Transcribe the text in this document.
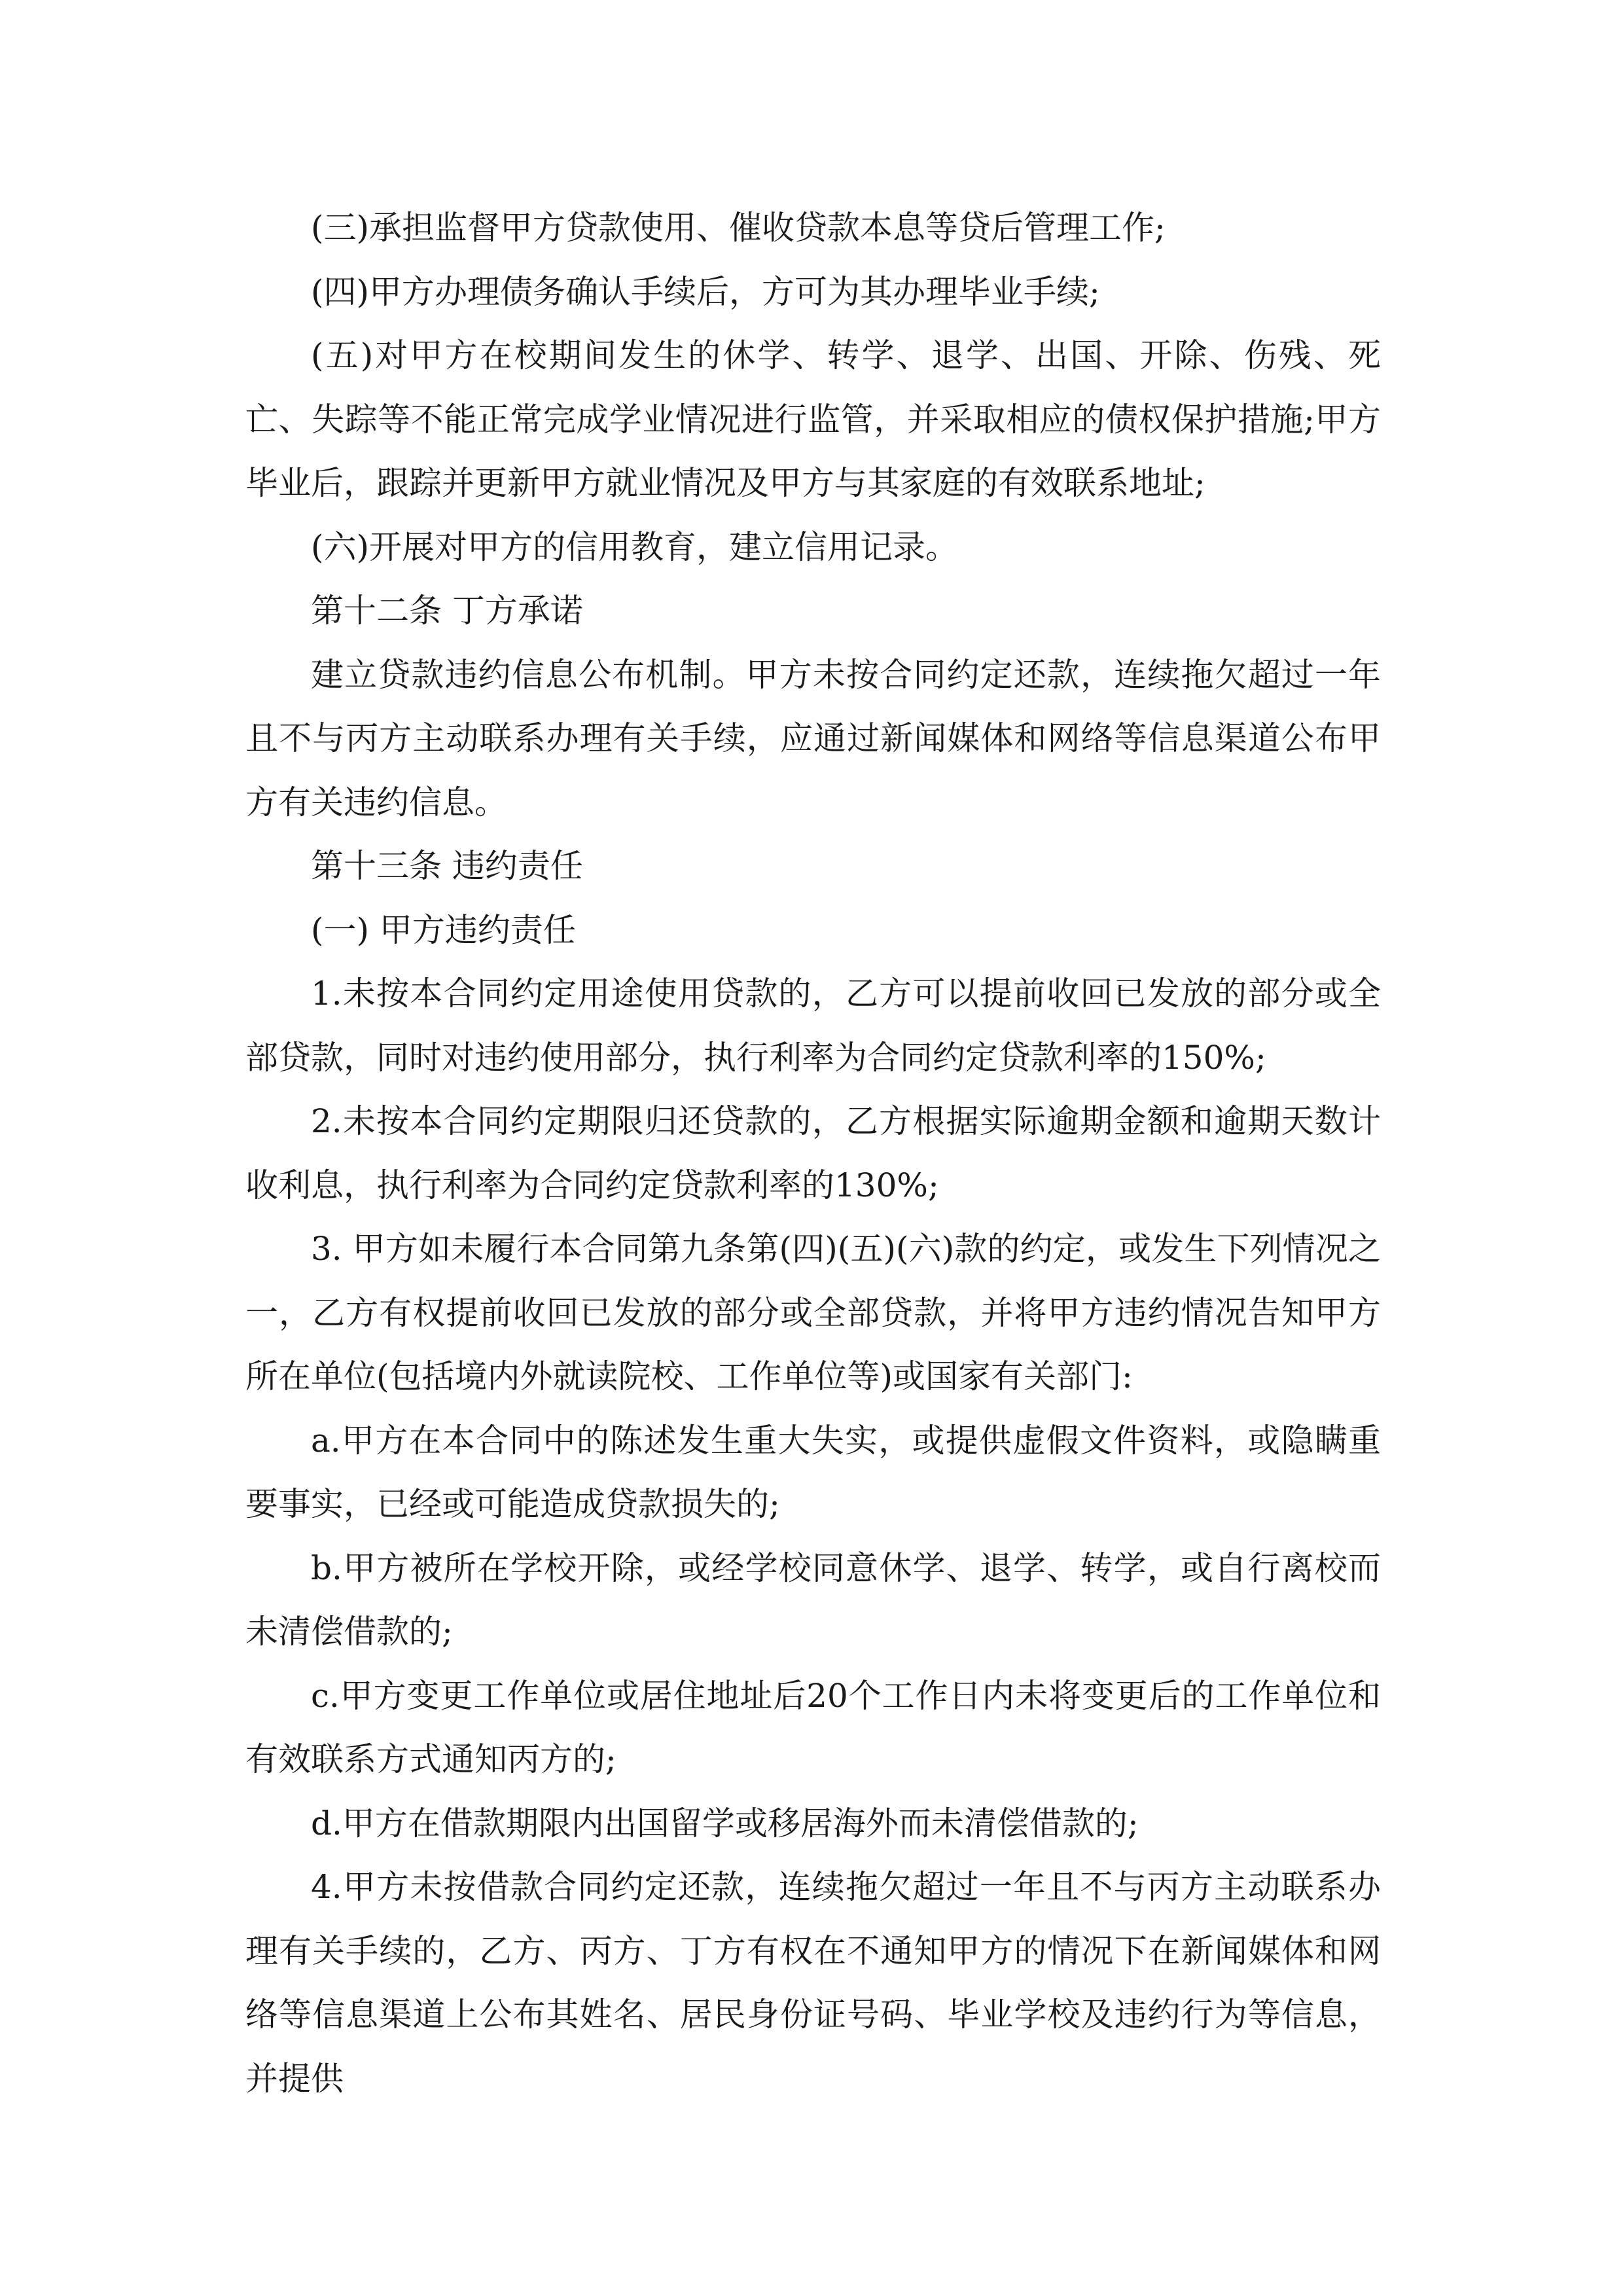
(三)承担监督甲方贷款使用、催收贷款本息等贷后管理工作;

(四)甲方办理债务确认手续后，方可为其办理毕业手续;

(五)对甲方在校期间发生的休学、转学、退学、出国、开除、伤残、死亡、失踪等不能正常完成学业情况进行监管，并采取相应的债权保护措施;甲方毕业后，跟踪并更新甲方就业情况及甲方与其家庭的有效联系地址;

(六)开展对甲方的信用教育，建立信用记录。

第十二条 丁方承诺

建立贷款违约信息公布机制。甲方未按合同约定还款，连续拖欠超过一年且不与丙方主动联系办理有关手续，应通过新闻媒体和网络等信息渠道公布甲方有关违约信息。

第十三条 违约责任

(一) 甲方违约责任

1.未按本合同约定用途使用贷款的，乙方可以提前收回已发放的部分或全部贷款，同时对违约使用部分，执行利率为合同约定贷款利率的150%;

2.未按本合同约定期限归还贷款的，乙方根据实际逾期金额和逾期天数计收利息，执行利率为合同约定贷款利率的130%;

3. 甲方如未履行本合同第九条第(四)(五)(六)款的约定，或发生下列情况之一，乙方有权提前收回已发放的部分或全部贷款，并将甲方违约情况告知甲方所在单位(包括境内外就读院校、工作单位等)或国家有关部门:

a.甲方在本合同中的陈述发生重大失实，或提供虚假文件资料，或隐瞒重要事实，已经或可能造成贷款损失的;

b.甲方被所在学校开除，或经学校同意休学、退学、转学，或自行离校而未清偿借款的;

c.甲方变更工作单位或居住地址后20个工作日内未将变更后的工作单位和有效联系方式通知丙方的;

d.甲方在借款期限内出国留学或移居海外而未清偿借款的;

4.甲方未按借款合同约定还款，连续拖欠超过一年且不与丙方主动联系办理有关手续的，乙方、丙方、丁方有权在不通知甲方的情况下在新闻媒体和网络等信息渠道上公布其姓名、居民身份证号码、毕业学校及违约行为等信息，并提供
